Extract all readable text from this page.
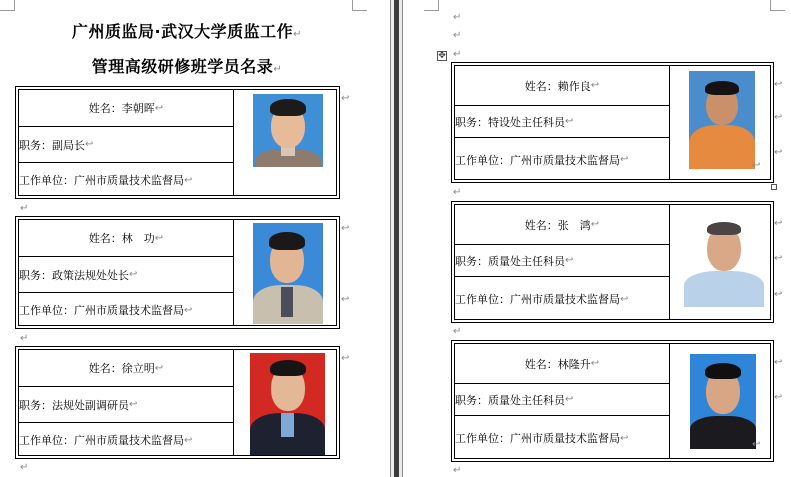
广州质监局·武汉大学质监工作↵
管理高级研修班学员名录↵
姓名： 李朝晖 ↩
职务： 副局长 ↩
工作单位： 广州市质量技术监督局 ↩
↩
↵
姓名： 林　功 ↩
职务： 政策法规处处长 ↩
工作单位： 广州市质量技术监督局 ↩
↩
↩
↵
姓名： 徐立明 ↩
职务： 法规处副调研员 ↩
工作单位： 广州市质量技术监督局 ↩
↩
↵
↵
↵
✥ ↵
姓名： 赖作良 ↩
职务： 特设处主任科员 ↩
工作单位： 广州市质量技术监督局 ↩
↩
↩
↩
↩
↵
姓名： 张　鸿 ↩
职务： 质量处主任科员 ↩
工作单位： 广州市质量技术监督局 ↩
↩
↩
↩
↵
姓名： 林隆升 ↩
职务： 质量处主任科员 ↩
工作单位： 广州市质量技术监督局 ↩
↩
↩
↩
↵
